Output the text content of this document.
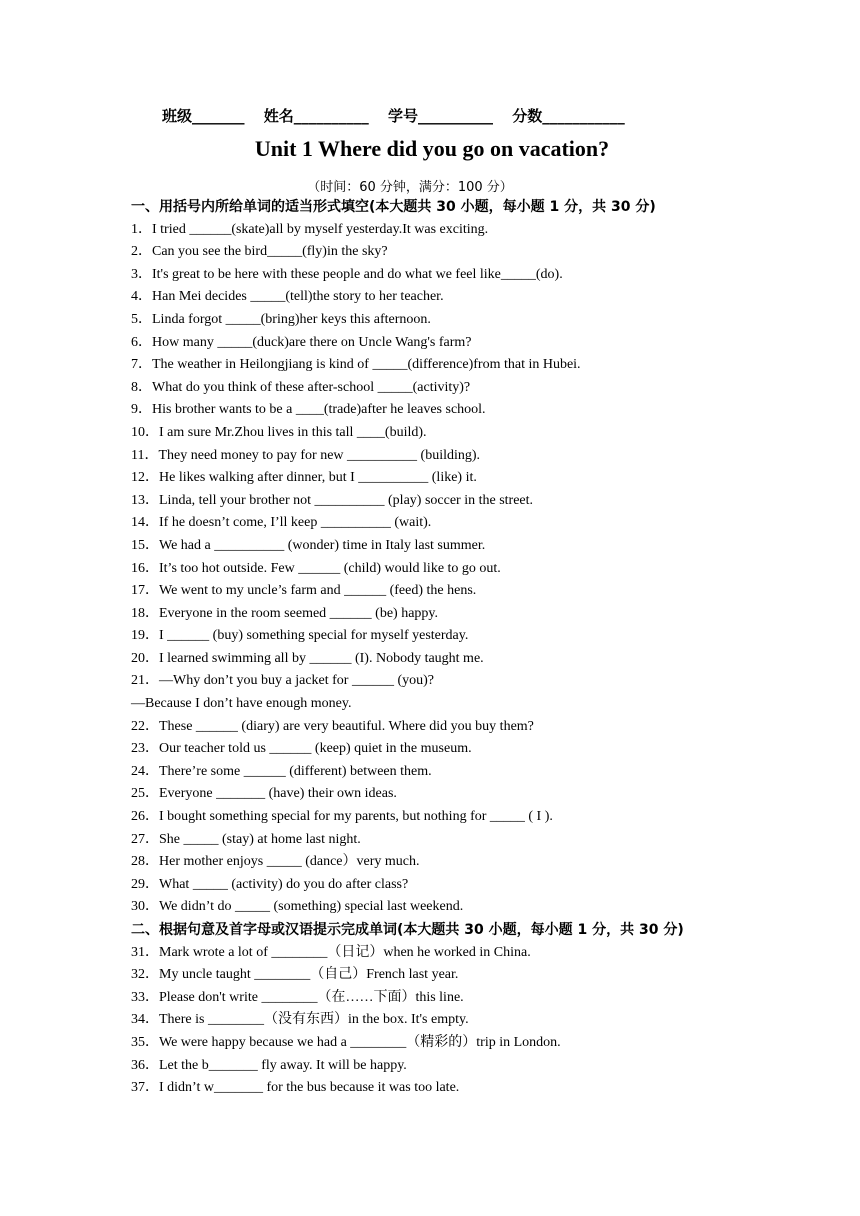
班级_______ 姓名__________ 学号__________ 分数___________
Unit 1 Where did you go on vacation?
（时间：60 分钟，满分：100 分）
一、用括号内所给单词的适当形式填空(本大题共 30 小题，每小题 1 分，共 30 分)
1．I tried ______(skate)all by myself yesterday.It was exciting.
2．Can you see the bird_____(fly)in the sky?
3．It's great to be here with these people and do what we feel like_____(do).
4．Han Mei decides _____(tell)the story to her teacher.
5．Linda forgot _____(bring)her keys this afternoon.
6．How many _____(duck)are there on Uncle Wang's farm?
7．The weather in Heilongjiang is kind of _____(difference)from that in Hubei.
8．What do you think of these after-school _____(activity)?
9．His brother wants to be a ____(trade)after he leaves school.
10．I am sure Mr.Zhou lives in this tall ____(build).
11．They need money to pay for new __________ (building).
12．He likes walking after dinner, but I __________ (like) it.
13．Linda, tell your brother not __________ (play) soccer in the street.
14．If he doesn’t come, I’ll keep __________ (wait).
15．We had a __________ (wonder) time in Italy last summer.
16．It’s too hot outside. Few ______ (child) would like to go out.
17．We went to my uncle’s farm and ______ (feed) the hens.
18．Everyone in the room seemed ______ (be) happy.
19．I ______ (buy) something special for myself yesterday.
20．I learned swimming all by ______ (I). Nobody taught me.
21．—Why don’t you buy a jacket for ______ (you)?
—Because I don’t have enough money.
22．These ______ (diary) are very beautiful. Where did you buy them?
23．Our teacher told us ______ (keep) quiet in the museum.
24．There’re some ______ (different) between them.
25．Everyone _______ (have) their own ideas.
26．I bought something special for my parents, but nothing for _____ ( I ).
27．She _____ (stay) at home last night.
28．Her mother enjoys _____ (dance）very much.
29．What _____ (activity) do you do after class?
30．We didn’t do _____ (something) special last weekend.
二、根据句意及首字母或汉语提示完成单词(本大题共 30 小题，每小题 1 分，共 30 分)
31．Mark wrote a lot of ________（日记）when he worked in China.
32．My uncle taught ________（自己）French last year.
33．Please don't write ________（在……下面）this line.
34．There is ________（没有东西）in the box. It's empty.
35．We were happy because we had a ________（精彩的）trip in London.
36．Let the b_______ fly away. It will be happy.
37．I didn’t w_______ for the bus because it was too late.
